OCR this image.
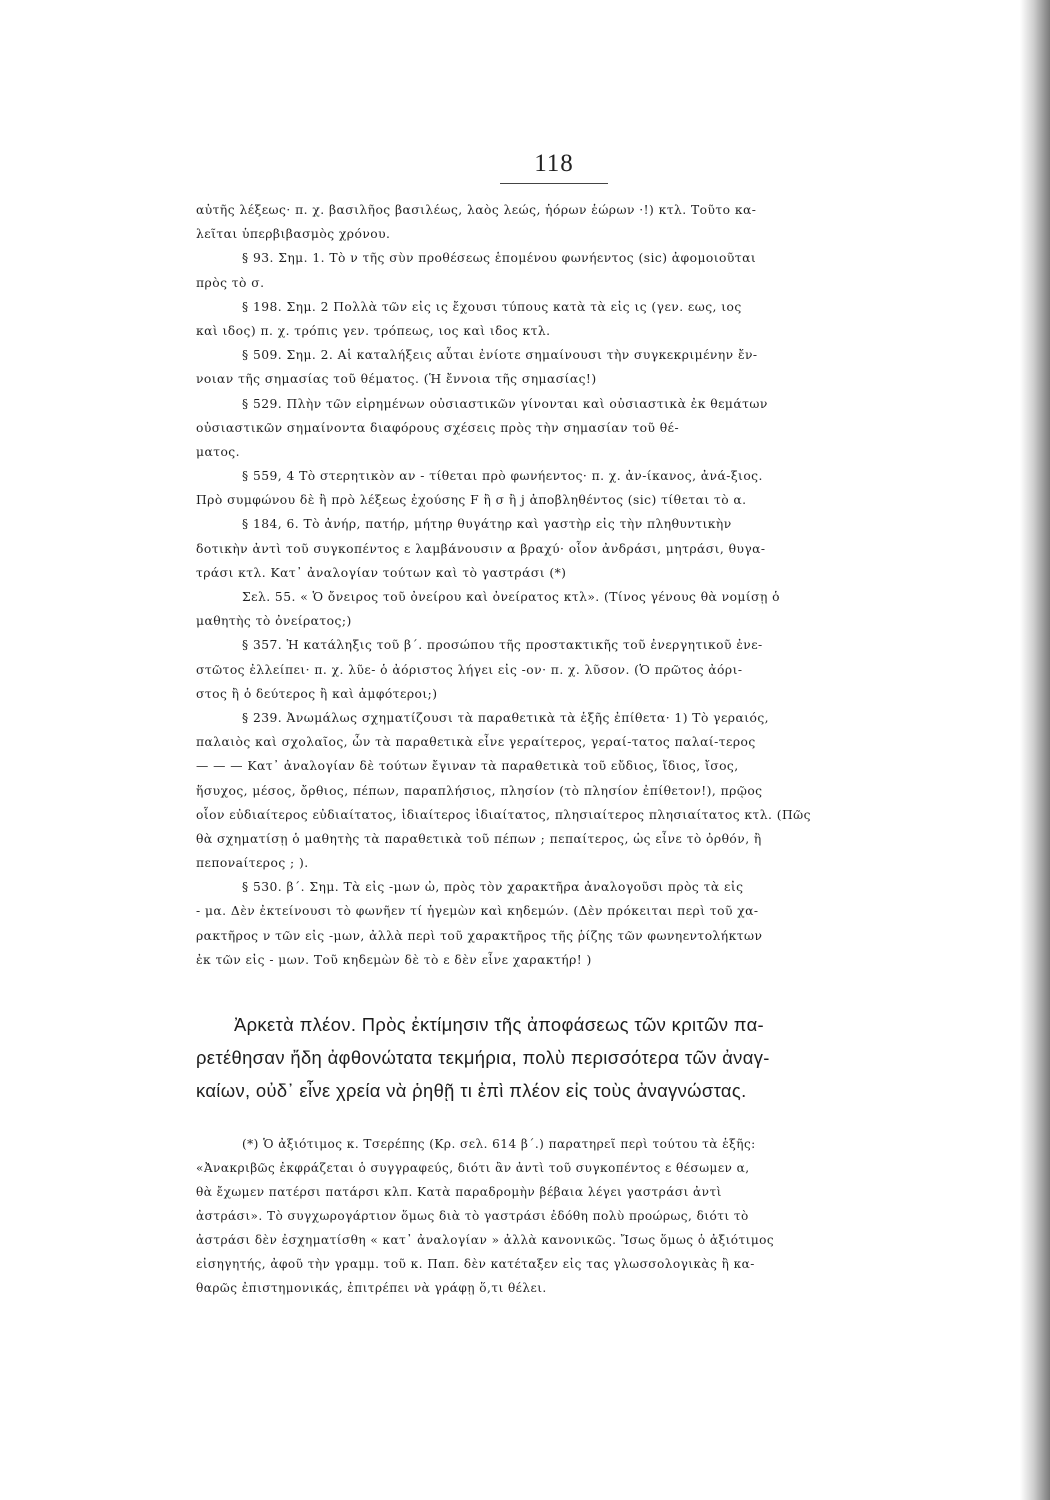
118
αὐτῆς λέξεως· π. χ. βασιλῆος βασιλέως, λαὸς λεώς, ἡόρων ἑώρων ·!) κτλ. Τοῦτο κα-
λεῖται ὑπερβιβασμὸς χρόνου.
§ 93. Σημ. 1. Τὸ ν τῆς σὺν προθέσεως ἑπομένου φωνήεντος (sic) ἀφομοιοῦται
πρὸς τὸ σ.
§ 198. Σημ. 2 Πολλὰ τῶν εἰς ις ἔχουσι τύπους κατὰ τὰ εἰς ις (γεν. εως, ιος
καὶ ιδος) π. χ. τρόπις γεν. τρόπεως, ιος καὶ ιδος κτλ.
§ 509. Σημ. 2. Αἱ καταλήξεις αὗται ἐνίοτε σημαίνουσι τὴν συγκεκριμένην ἔν-
νοιαν τῆς σημασίας τοῦ θέματος. (Ἡ ἔννοια τῆς σημασίας!)
§ 529. Πλὴν τῶν εἰρημένων οὐσιαστικῶν γίνονται καὶ οὐσιαστικὰ ἐκ θεμάτων
οὐσιαστικῶν σημαίνοντα διαφόρους σχέσεις πρὸς τὴν σημασίαν τοῦ θέ-
ματος.
§ 559, 4 Τὸ στερητικὸν αν - τίθεται πρὸ φωνήεντος· π. χ. ἀν-ίκανος, ἀνά-ξιος.
Πρὸ συμφώνου δὲ ἢ πρὸ λέξεως ἐχούσης F ἢ σ ἢ j ἀποβληθέντος (sic) τίθεται τὸ α.
§ 184, 6. Τὸ ἀνήρ, πατήρ, μήτηρ θυγάτηρ καὶ γαστὴρ εἰς τὴν πληθυντικὴν
δοτικὴν ἀντὶ τοῦ συγκοπέντος ε λαμβάνουσιν α βραχύ· οἷον ἀνδράσι, μητράσι, θυγα-
τράσι κτλ. Κατ᾽ ἀναλογίαν τούτων καὶ τὸ γαστράσι (*)
Σελ. 55. « Ὁ ὄνειρος τοῦ ὀνείρου καὶ ὀνείρατος κτλ». (Τίνος γένους θὰ νομίσῃ ὁ
μαθητὴς τὸ ὀνείρατος;)
§ 357. Ἡ κατάληξις τοῦ β΄. προσώπου τῆς προστακτικῆς τοῦ ἐνεργητικοῦ ἐνε-
στῶτος ἐλλείπει· π. χ. λῦε- ὁ ἀόριστος λήγει εἰς -ον· π. χ. λῦσον. (Ὁ πρῶτος ἀόρι-
στος ἢ ὁ δεύτερος ἢ καὶ ἀμφότεροι;)
§ 239. Ἀνωμάλως σχηματίζουσι τὰ παραθετικὰ τὰ ἑξῆς ἐπίθετα· 1) Τὸ γεραιός,
παλαιὸς καὶ σχολαῖος, ὧν τὰ παραθετικὰ εἶνε γεραίτερος, γεραί-τατος παλαί-τερος
— — — Κατ᾽ ἀναλογίαν δὲ τούτων ἔγιναν τὰ παραθετικὰ τοῦ εὔδιος, ἴδιος, ἴσος,
ἥσυχος, μέσος, ὄρθιος, πέπων, παραπλήσιος, πλησίον (τὸ πλησίον ἐπίθετον!), πρῷος
οἷον εὐδιαίτερος εὐδιαίτατος, ἰδιαίτερος ἰδιαίτατος, πλησιαίτερος πλησιαίτατος κτλ. (Πῶς
θὰ σχηματίσῃ ὁ μαθητὴς τὰ παραθετικὰ τοῦ πέπων ; πεπαίτερος, ὡς εἶνε τὸ ὀρθόν, ἢ
πεπονaίτερος ; ).
§ 530. β΄. Σημ. Τὰ εἰς -μων ὠ, πρὸς τὸν χαρακτῆρα ἀναλογοῦσι πρὸς τὰ εἰς
- μα. Δὲν ἐκτείνουσι τὸ φωνῆεν τί ἡγεμὼν καὶ κηδεμών. (Δὲν πρόκειται περὶ τοῦ χα-
ρακτῆρος ν τῶν εἰς -μων, ἀλλὰ περὶ τοῦ χαρακτῆρος τῆς ῥίζης τῶν φωνηεντολήκτων
ἐκ τῶν εἰς - μων. Τοῦ κηδεμὼν δὲ τὸ ε δὲν εἶνε χαρακτήρ! )
Ἀρκετὰ πλέον. Πρὸς ἐκτίμησιν τῆς ἀποφάσεως τῶν κριτῶν πα-
ρετέθησαν ἤδη ἀφθονώτατα τεκμήρια, πολὺ περισσότερα τῶν ἀναγ-
καίων, οὐδ᾽ εἶνε χρεία νὰ ῥηθῇ τι ἐπὶ πλέον εἰς τοὺς ἀναγνώστας.
(*) Ὁ ἀξιότιμος κ. Τσερέπης (Κρ. σελ. 614 β΄.) παρατηρεῖ περὶ τούτου τὰ ἑξῆς:
«Ἀνακριβῶς ἐκφράζεται ὁ συγγραφεύς, διότι ἂν ἀντὶ τοῦ συγκοπέντος ε θέσωμεν α,
θὰ ἔχωμεν πατέρσι πατάρσι κλπ. Κατὰ παραδρομὴν βέβαια λέγει γαστράσι ἀντὶ
ἀστράσι». Τὸ συγχωρογάρτιον ὅμως διὰ τὸ γαστράσι ἐδόθη πολὺ προώρως, διότι τὸ
ἀστράσι δὲν ἐσχηματίσθη « κατ᾽ ἀναλογίαν » ἀλλὰ κανονικῶς. Ἴσως ὅμως ὁ ἀξιότιμος
εἰσηγητής, ἀφοῦ τὴν γραμμ. τοῦ κ. Παπ. δὲν κατέταξεν εἰς τας γλωσσολογικὰς ἢ κα-
θαρῶς ἐπιστημονικάς, ἐπιτρέπει νὰ γράφῃ ὅ,τι θέλει.
